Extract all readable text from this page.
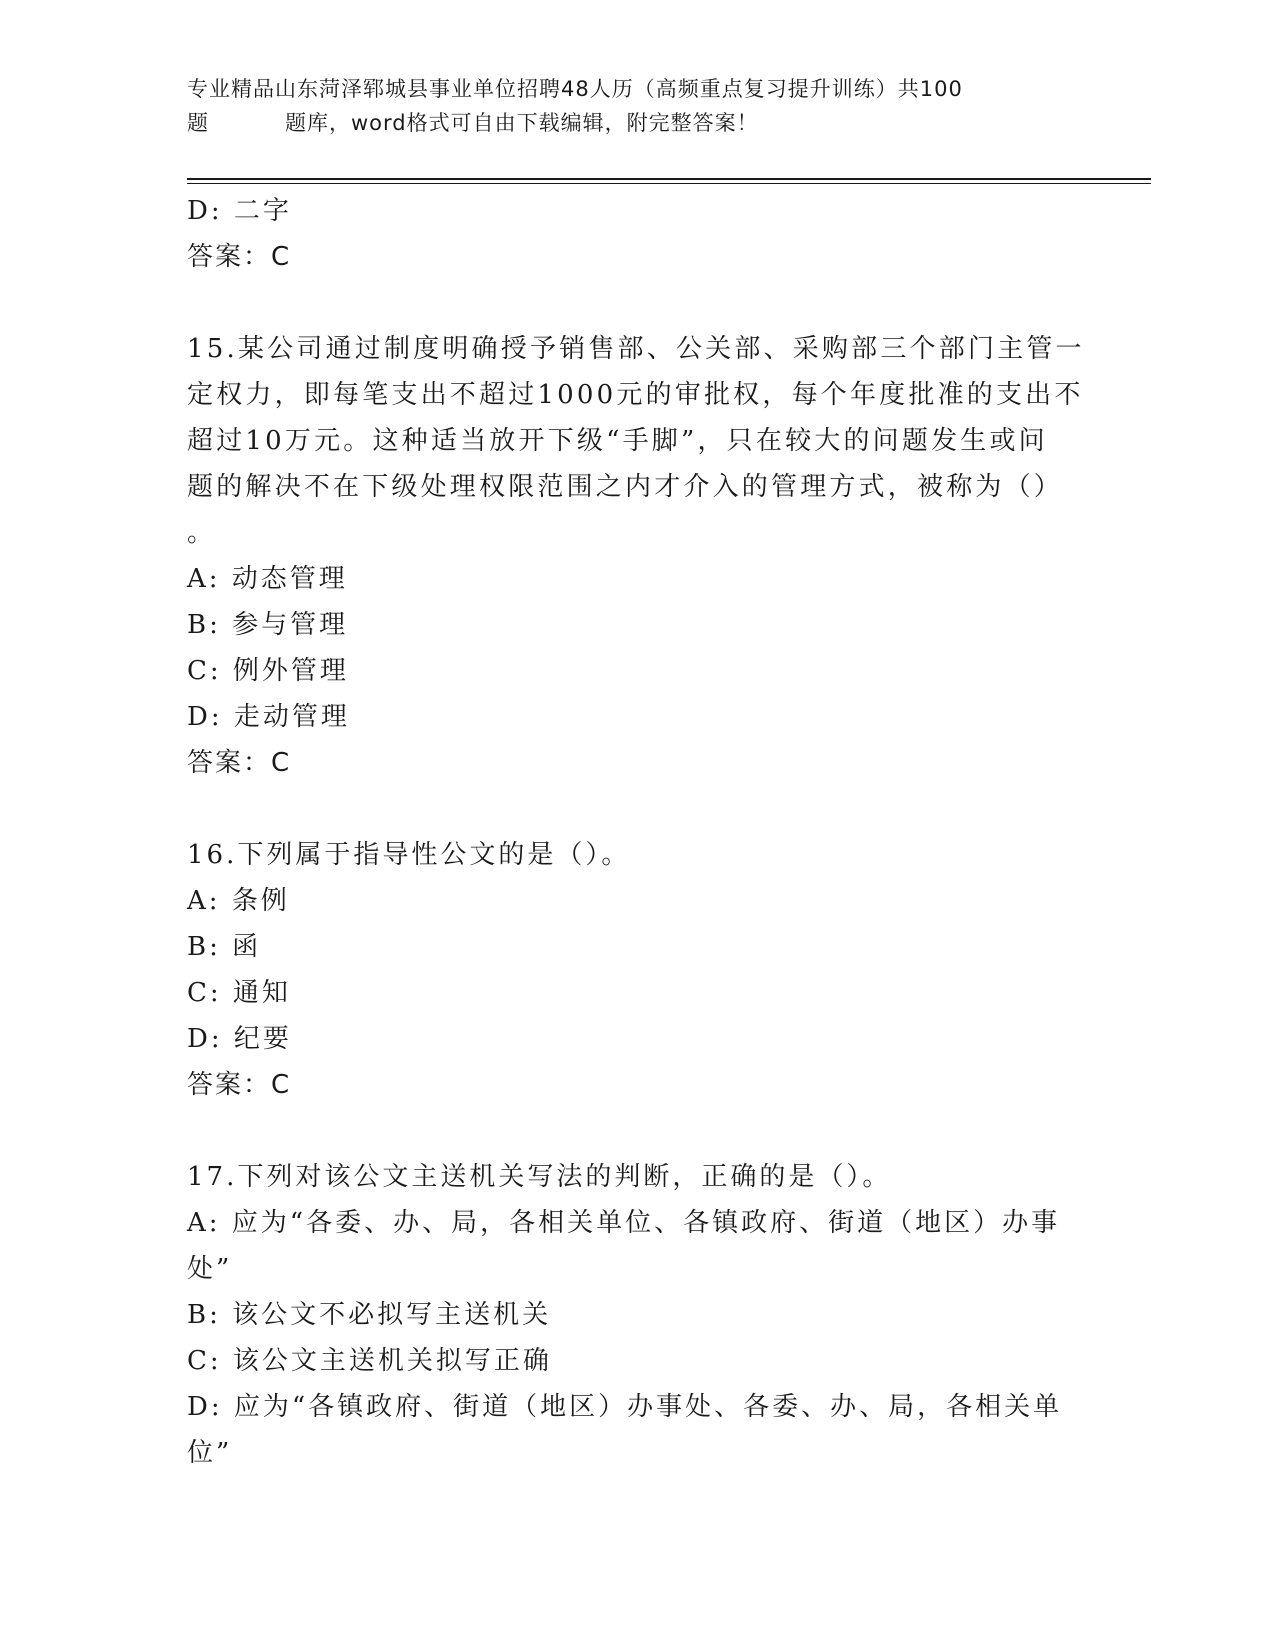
专业精品山东菏泽郓城县事业单位招聘48人历（高频重点复习提升训练）共100
题	题库，word格式可自由下载编辑，附完整答案！
D: 二字
答案：C
15.某公司通过制度明确授予销售部、公关部、采购部三个部门主管一
定权力，即每笔支出不超过1000元的审批权，每个年度批准的支出不
超过10万元。这种适当放开下级“手脚”，只在较大的问题发生或问
题的解决不在下级处理权限范围之内才介入的管理方式，被称为（）
。
A: 动态管理
B: 参与管理
C: 例外管理
D: 走动管理
答案：C
16.下列属于指导性公文的是（）。
A: 条例
B: 函
C: 通知
D: 纪要
答案：C
17.下列对该公文主送机关写法的判断，正确的是（）。
A: 应为“各委、办、局，各相关单位、各镇政府、街道（地区）办事
处”
B: 该公文不必拟写主送机关
C: 该公文主送机关拟写正确
D: 应为“各镇政府、街道（地区）办事处、各委、办、局，各相关单
位”
